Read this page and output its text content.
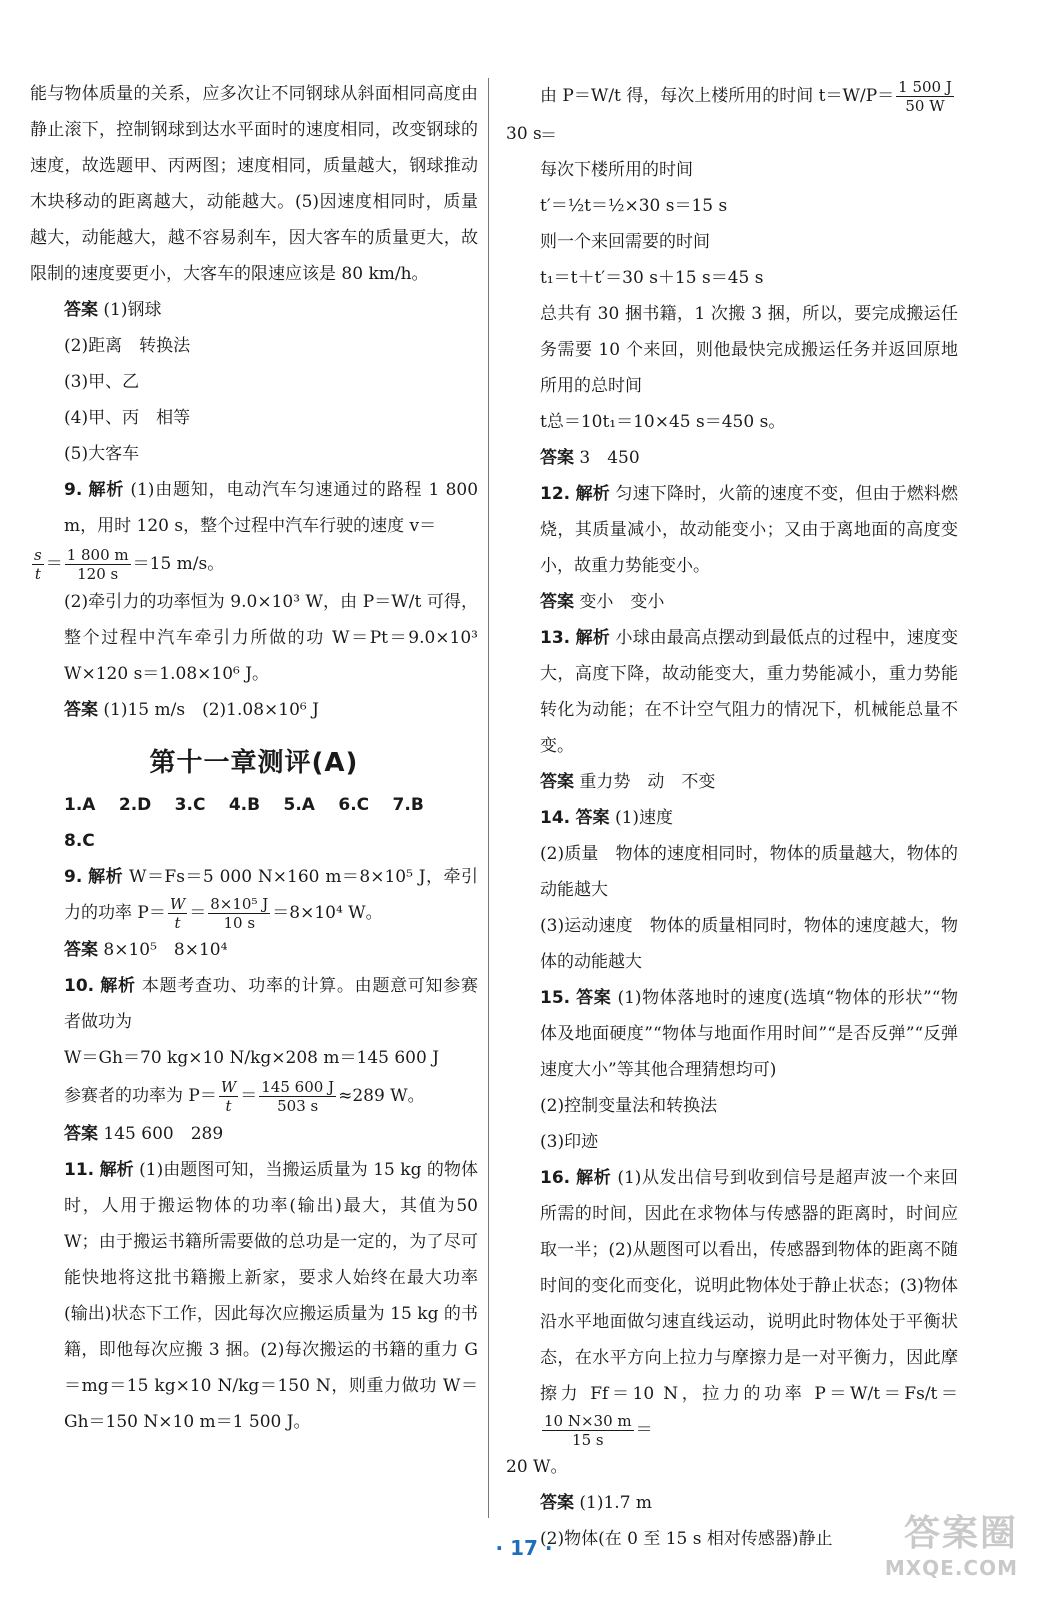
能与物体质量的关系，应多次让不同钢球从斜面相同高度由静止滚下，控制钢球到达水平面时的速度相同，改变钢球的速度，故选题甲、丙两图；速度相同，质量越大，钢球推动木块移动的距离越大，动能越大。(5)因速度相同时，质量越大，动能越大，越不容易刹车，因大客车的质量更大，故限制的速度要更小，大客车的限速应该是 80 km/h。

答案 (1)钢球
(2)距离　转换法
(3)甲、乙
(4)甲、丙　相等
(5)大客车

9. 解析 (1)由题知，电动汽车匀速通过的路程 1 800 m，用时 120 s，整个过程中汽车行驶的速度 v＝

$\frac{s}{t} = \frac{1 800 m}{120 s} =15$ m/s。

(2)牵引力的功率恒为 9.0×10³ W，由 P＝W/t 可得，整个过程中汽车牵引力所做的功 W＝Pt＝9.0×10³ W×120 s＝1.08×10⁶ J。

答案 (1)15 m/s　(2)1.08×10⁶ J
第十一章测评(A)
1.A 2.D 3.C 4.B 5.A 6.C 7.B 8.C

9. 解析 W＝Fs＝5 000 N×160 m＝8×10⁵ J，牵引力的功率 $P= \frac{W}{t} = \frac{\text{8×10⁵ J}}{10 s} =8\times 10^4$ W。

答案 8×10⁵　8×10⁴

10. 解析 本题考查功、功率的计算。由题意可知参赛者做功为

W＝Gh＝70 kg×10 N/kg×208 m＝145 600 J
参赛者的功率为 $P= \frac{W}{t} = \frac{145 600 J}{503 s} \approx 289$ W。
答案 145 600　289

11. 解析 (1)由题图可知，当搬运质量为 15 kg 的物体时，人用于搬运物体的功率(输出)最大，其值为50 W；由于搬运书籍所需要做的总功是一定的，为了尽可能快地将这批书籍搬上新家，要求人始终在最大功率(输出)状态下工作，因此每次应搬运质量为 15 kg 的书籍，即他每次应搬 3 捆。(2)每次搬运的书籍的重力 G＝mg＝15 kg×10 N/kg＝150 N，则重力做功 W＝Gh＝150 N×10 m＝1 500 J。

由 P＝W/t 得，每次上楼所用的时间 $t=W/P= \frac{1 500 J}{50 W}$
＝
30 s
每次下楼所用的时间
t′＝½t＝½×30 s＝15 s
则一个来回需要的时间
t₁＝t＋t′＝30 s＋15 s＝45 s

总共有 30 捆书籍，1 次搬 3 捆，所以，要完成搬运任务需要 10 个来回，则他最快完成搬运任务并返回原地所用的总时间

t总＝10t₁＝10×45 s＝450 s。
答案 3　450

12. 解析 匀速下降时，火箭的速度不变，但由于燃料燃烧，其质量减小，故动能变小；又由于离地面的高度变小，故重力势能变小。

答案 变小　变小

13. 解析 小球由最高点摆动到最低点的过程中，速度变大，高度下降，故动能变大，重力势能减小，重力势能转化为动能；在不计空气阻力的情况下，机械能总量不变。

答案 重力势　动　不变
14. 答案 (1)速度

(2)质量　物体的速度相同时，物体的质量越大，物体的动能越大

(3)运动速度　物体的质量相同时，物体的速度越大，物体的动能越大

15. 答案 (1)物体落地时的速度(选填“物体的形状”“物体及地面硬度”“物体与地面作用时间”“是否反弹”“反弹速度大小”等其他合理猜想均可)

(2)控制变量法和转换法
(3)印迹

16. 解析 (1)从发出信号到收到信号是超声波一个来回所需的时间，因此在求物体与传感器的距离时，时间应取一半；(2)从题图可以看出，传感器到物体的距离不随时间的变化而变化，说明此物体处于静止状态；(3)物体沿水平地面做匀速直线运动，说明此时物体处于平衡状态，在水平方向上拉力与摩擦力是一对平衡力，因此摩擦力 Ff＝10 N，拉力的功率 P＝W/t＝Fs/t＝
$\frac{10 N\times 30 m}{15 s}$ ＝

20 W。
答案 (1)1.7 m
(2)物体(在 0 至 15 s 相对传感器)静止
· 17 ·	答案圈
MXQE.COM
